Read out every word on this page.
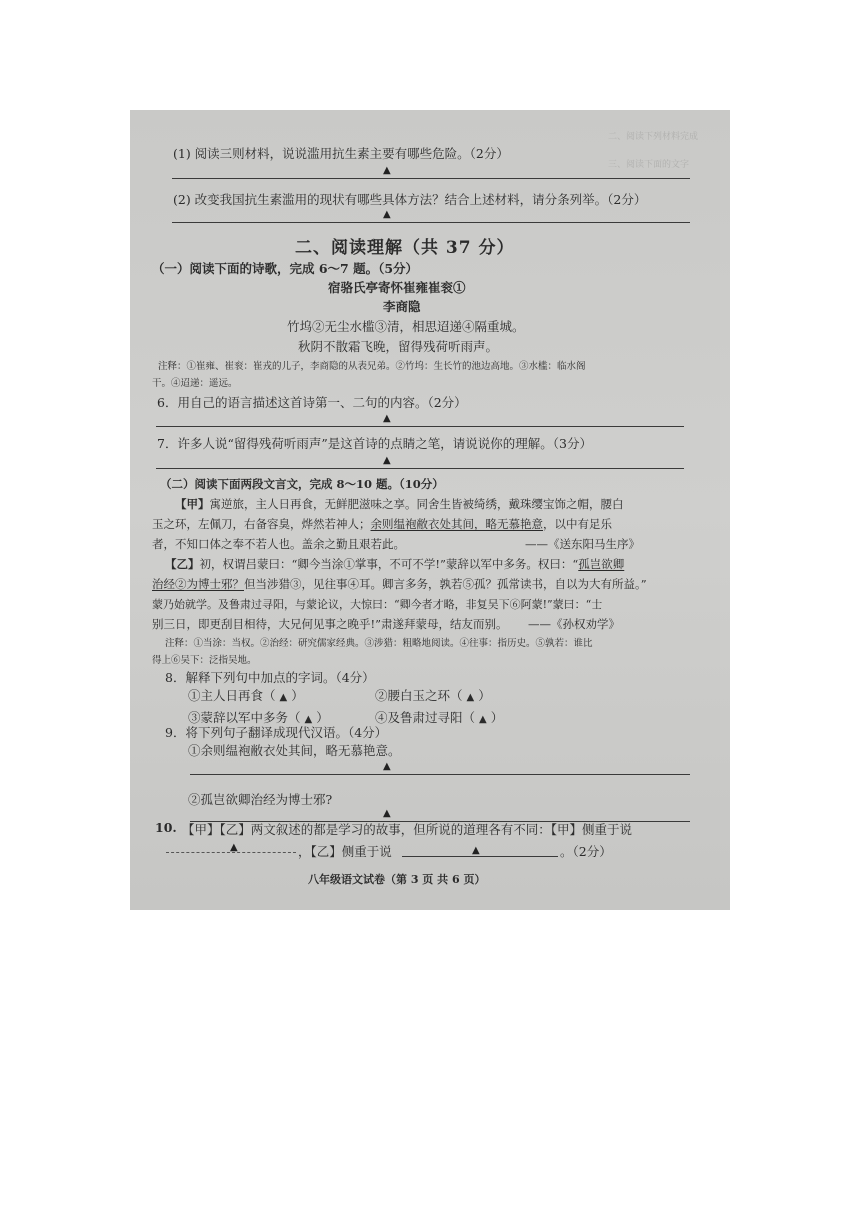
二、阅读下列材料完成

三、阅读下面的文字

(1) 阅读三则材料，说说滥用抗生素主要有哪些危险。（2分）
▲
(2) 改变我国抗生素滥用的现状有哪些具体方法？结合上述材料，请分条列举。（2分）
▲
二、阅读理解（共 37 分）
（一）阅读下面的诗歌，完成 6～7 题。（5分）
宿骆氏亭寄怀崔雍崔衮①
李商隐
竹坞②无尘水槛③清，相思迢递④隔重城。
秋阴不散霜飞晚，留得残荷听雨声。
注释：①崔雍、崔衮：崔戎的儿子，李商隐的从表兄弟。②竹坞：生长竹的池边高地。③水槛：临水阁
干。④迢递：遥远。
6．用自己的语言描述这首诗第一、二句的内容。（2分）
▲
7．许多人说“留得残荷听雨声”是这首诗的点睛之笔，请说说你的理解。（3分）
▲
（二）阅读下面两段文言文，完成 8～10 题。（10分）
【甲】寓逆旅，主人日再食，无鲜肥滋味之享。同舍生皆被绮绣，戴珠缨宝饰之帽，腰白
玉之环，左佩刀，右备容臭，烨然若神人；余则缊袍敝衣处其间，略无慕艳意，以中有足乐
者，不知口体之奉不若人也。盖余之勤且艰若此。	——《送东阳马生序》
【乙】初，权谓吕蒙曰：“卿今当涂①掌事，不可不学!”蒙辞以军中多务。权曰：“孤岂欲卿
治经②为博士邪？但当涉猎③，见往事④耳。卿言多务，孰若⑤孤？孤常读书，自以为大有所益。”
蒙乃始就学。及鲁肃过寻阳，与蒙论议，大惊曰：“卿今者才略，非复吴下⑥阿蒙!”蒙曰：“士
别三日，即更刮目相待，大兄何见事之晚乎!”肃遂拜蒙母，结友而别。 ——《孙权劝学》
注释：①当涂：当权。②治经：研究儒家经典。③涉猎：粗略地阅读。④往事：指历史。⑤孰若：谁比
得上⑥吴下：泛指吴地。
8．解释下列句中加点的字词。（4分）
①主人日再食（ ▲ ）	②腰白玉之环（ ▲ ）
③蒙辞以军中多务（ ▲ ）	④及鲁肃过寻阳（ ▲ ）
9．将下列句子翻译成现代汉语。（4分）
①余则缊袍敝衣处其间，略无慕艳意。
▲
②孤岂欲卿治经为博士邪?
▲
10. 【甲】【乙】两文叙述的都是学习的故事，但所说的道理各有不同：【甲】侧重于说
▲	，【乙】侧重于说	▲	。（2分）
八年级语文试卷（第 3 页 共 6 页）
